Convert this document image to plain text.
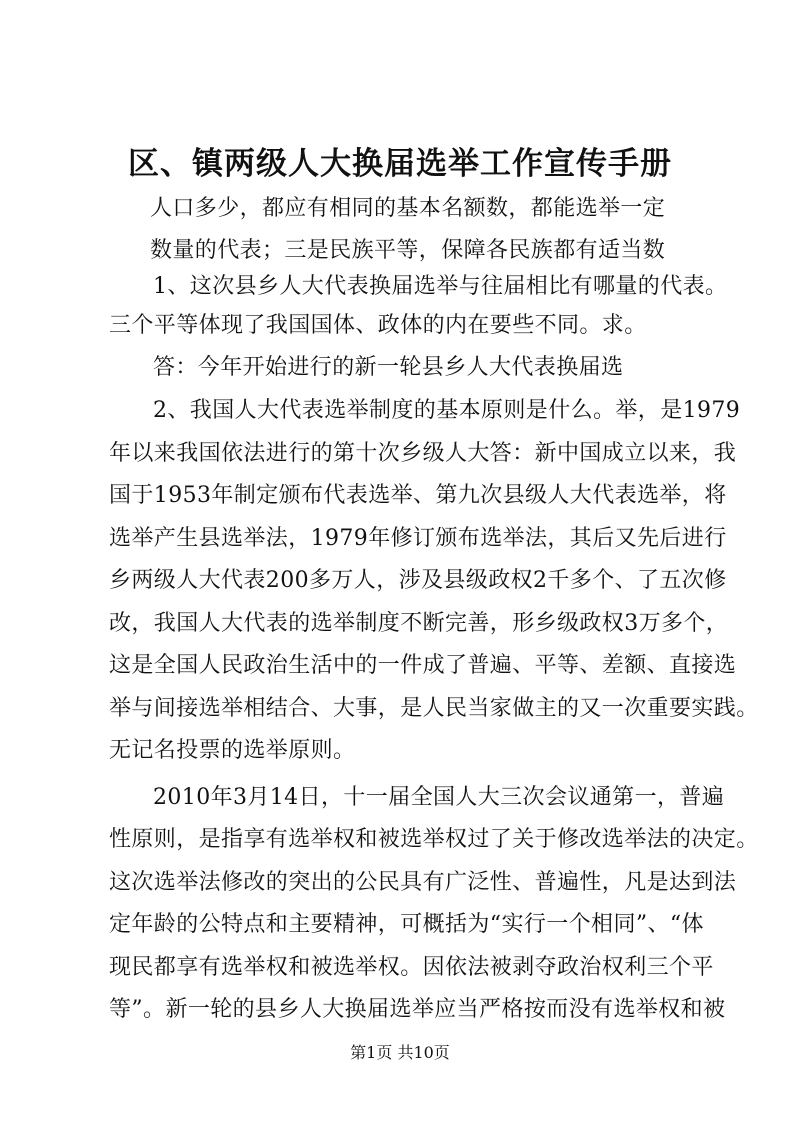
区、镇两级人大换届选举工作宣传手册
人口多少，都应有相同的基本名额数，都能选举一定
数量的代表；三是民族平等，保障各民族都有适当数
1、这次县乡人大代表换届选举与往届相比有哪量的代表。
三个平等体现了我国国体、政体的内在要些不同。求。
答：今年开始进行的新一轮县乡人大代表换届选
2、我国人大代表选举制度的基本原则是什么。举，是1979
年以来我国依法进行的第十次乡级人大答：新中国成立以来，我
国于1953年制定颁布代表选举、第九次县级人大代表选举，将
选举产生县选举法，1979年修订颁布选举法，其后又先后进行
乡两级人大代表200多万人，涉及县级政权2千多个、了五次修
改，我国人大代表的选举制度不断完善，形乡级政权3万多个，
这是全国人民政治生活中的一件成了普遍、平等、差额、直接选
举与间接选举相结合、大事，是人民当家做主的又一次重要实践。
无记名投票的选举原则。
2010年3月14日，十一届全国人大三次会议通第一，普遍
性原则，是指享有选举权和被选举权过了关于修改选举法的决定。
这次选举法修改的突出的公民具有广泛性、普遍性，凡是达到法
定年龄的公特点和主要精神，可概括为“实行一个相同”、“体
现民都享有选举权和被选举权。因依法被剥夺政治权利三个平
等”。新一轮的县乡人大换届选举应当严格按而没有选举权和被
第1页 共10页
